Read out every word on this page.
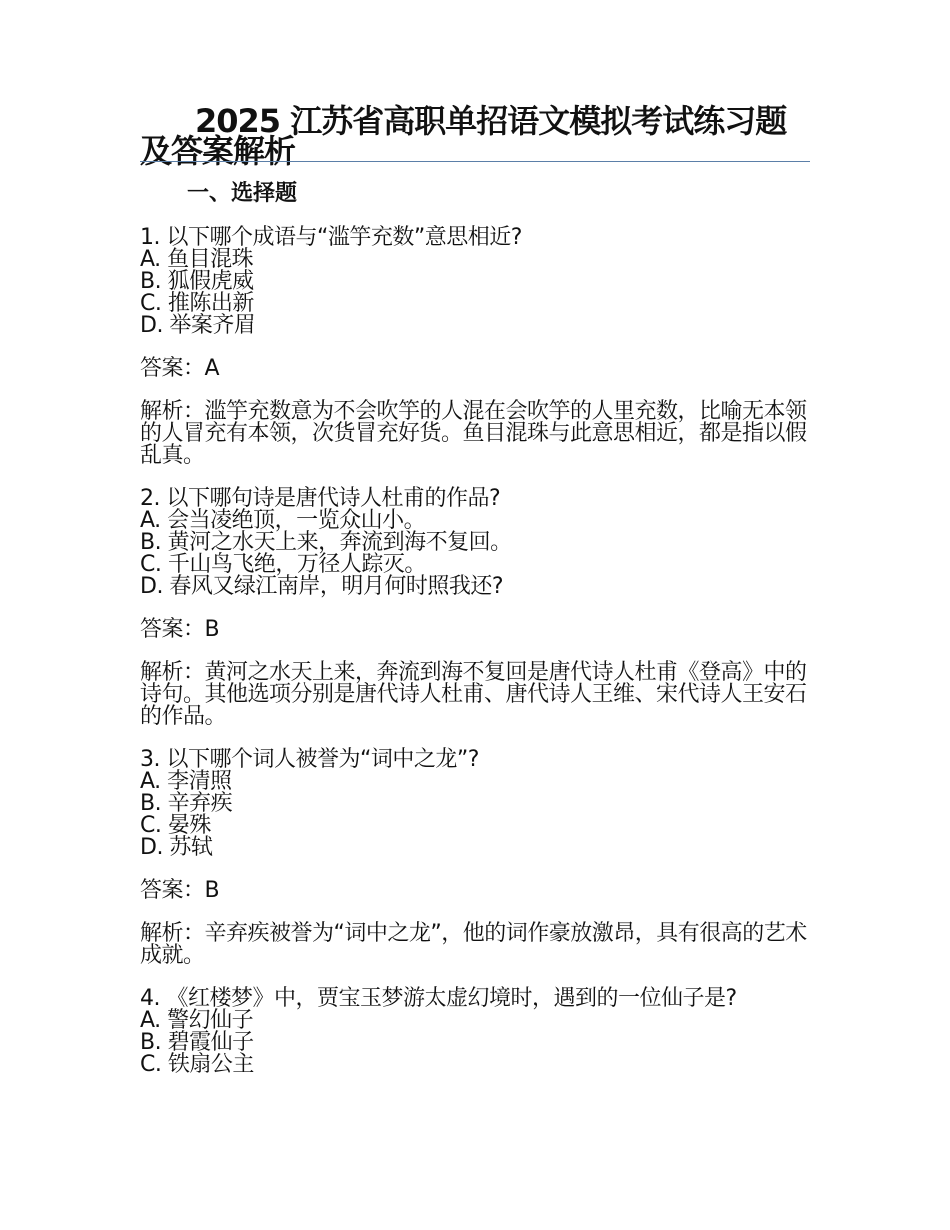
2025 江苏省高职单招语文模拟考试练习题及答案解析
一、选择题

1. 以下哪个成语与“滥竽充数”意思相近?

A. 鱼目混珠

B. 狐假虎威

C. 推陈出新

D. 举案齐眉

答案：A

解析：滥竽充数意为不会吹竽的人混在会吹竽的人里充数，比喻无本领的人冒充有本领，次货冒充好货。鱼目混珠与此意思相近，都是指以假乱真。

2. 以下哪句诗是唐代诗人杜甫的作品?

A. 会当凌绝顶，一览众山小。

B. 黄河之水天上来，奔流到海不复回。

C. 千山鸟飞绝，万径人踪灭。

D. 春风又绿江南岸，明月何时照我还?

答案：B

解析：黄河之水天上来，奔流到海不复回是唐代诗人杜甫《登高》中的诗句。其他选项分别是唐代诗人杜甫、唐代诗人王维、宋代诗人王安石的作品。

3. 以下哪个词人被誉为“词中之龙”?

A. 李清照

B. 辛弃疾

C. 晏殊

D. 苏轼

答案：B

解析：辛弃疾被誉为“词中之龙”，他的词作豪放激昂，具有很高的艺术成就。

4. 《红楼梦》中，贾宝玉梦游太虚幻境时，遇到的一位仙子是?

A. 警幻仙子

B. 碧霞仙子

C. 铁扇公主
